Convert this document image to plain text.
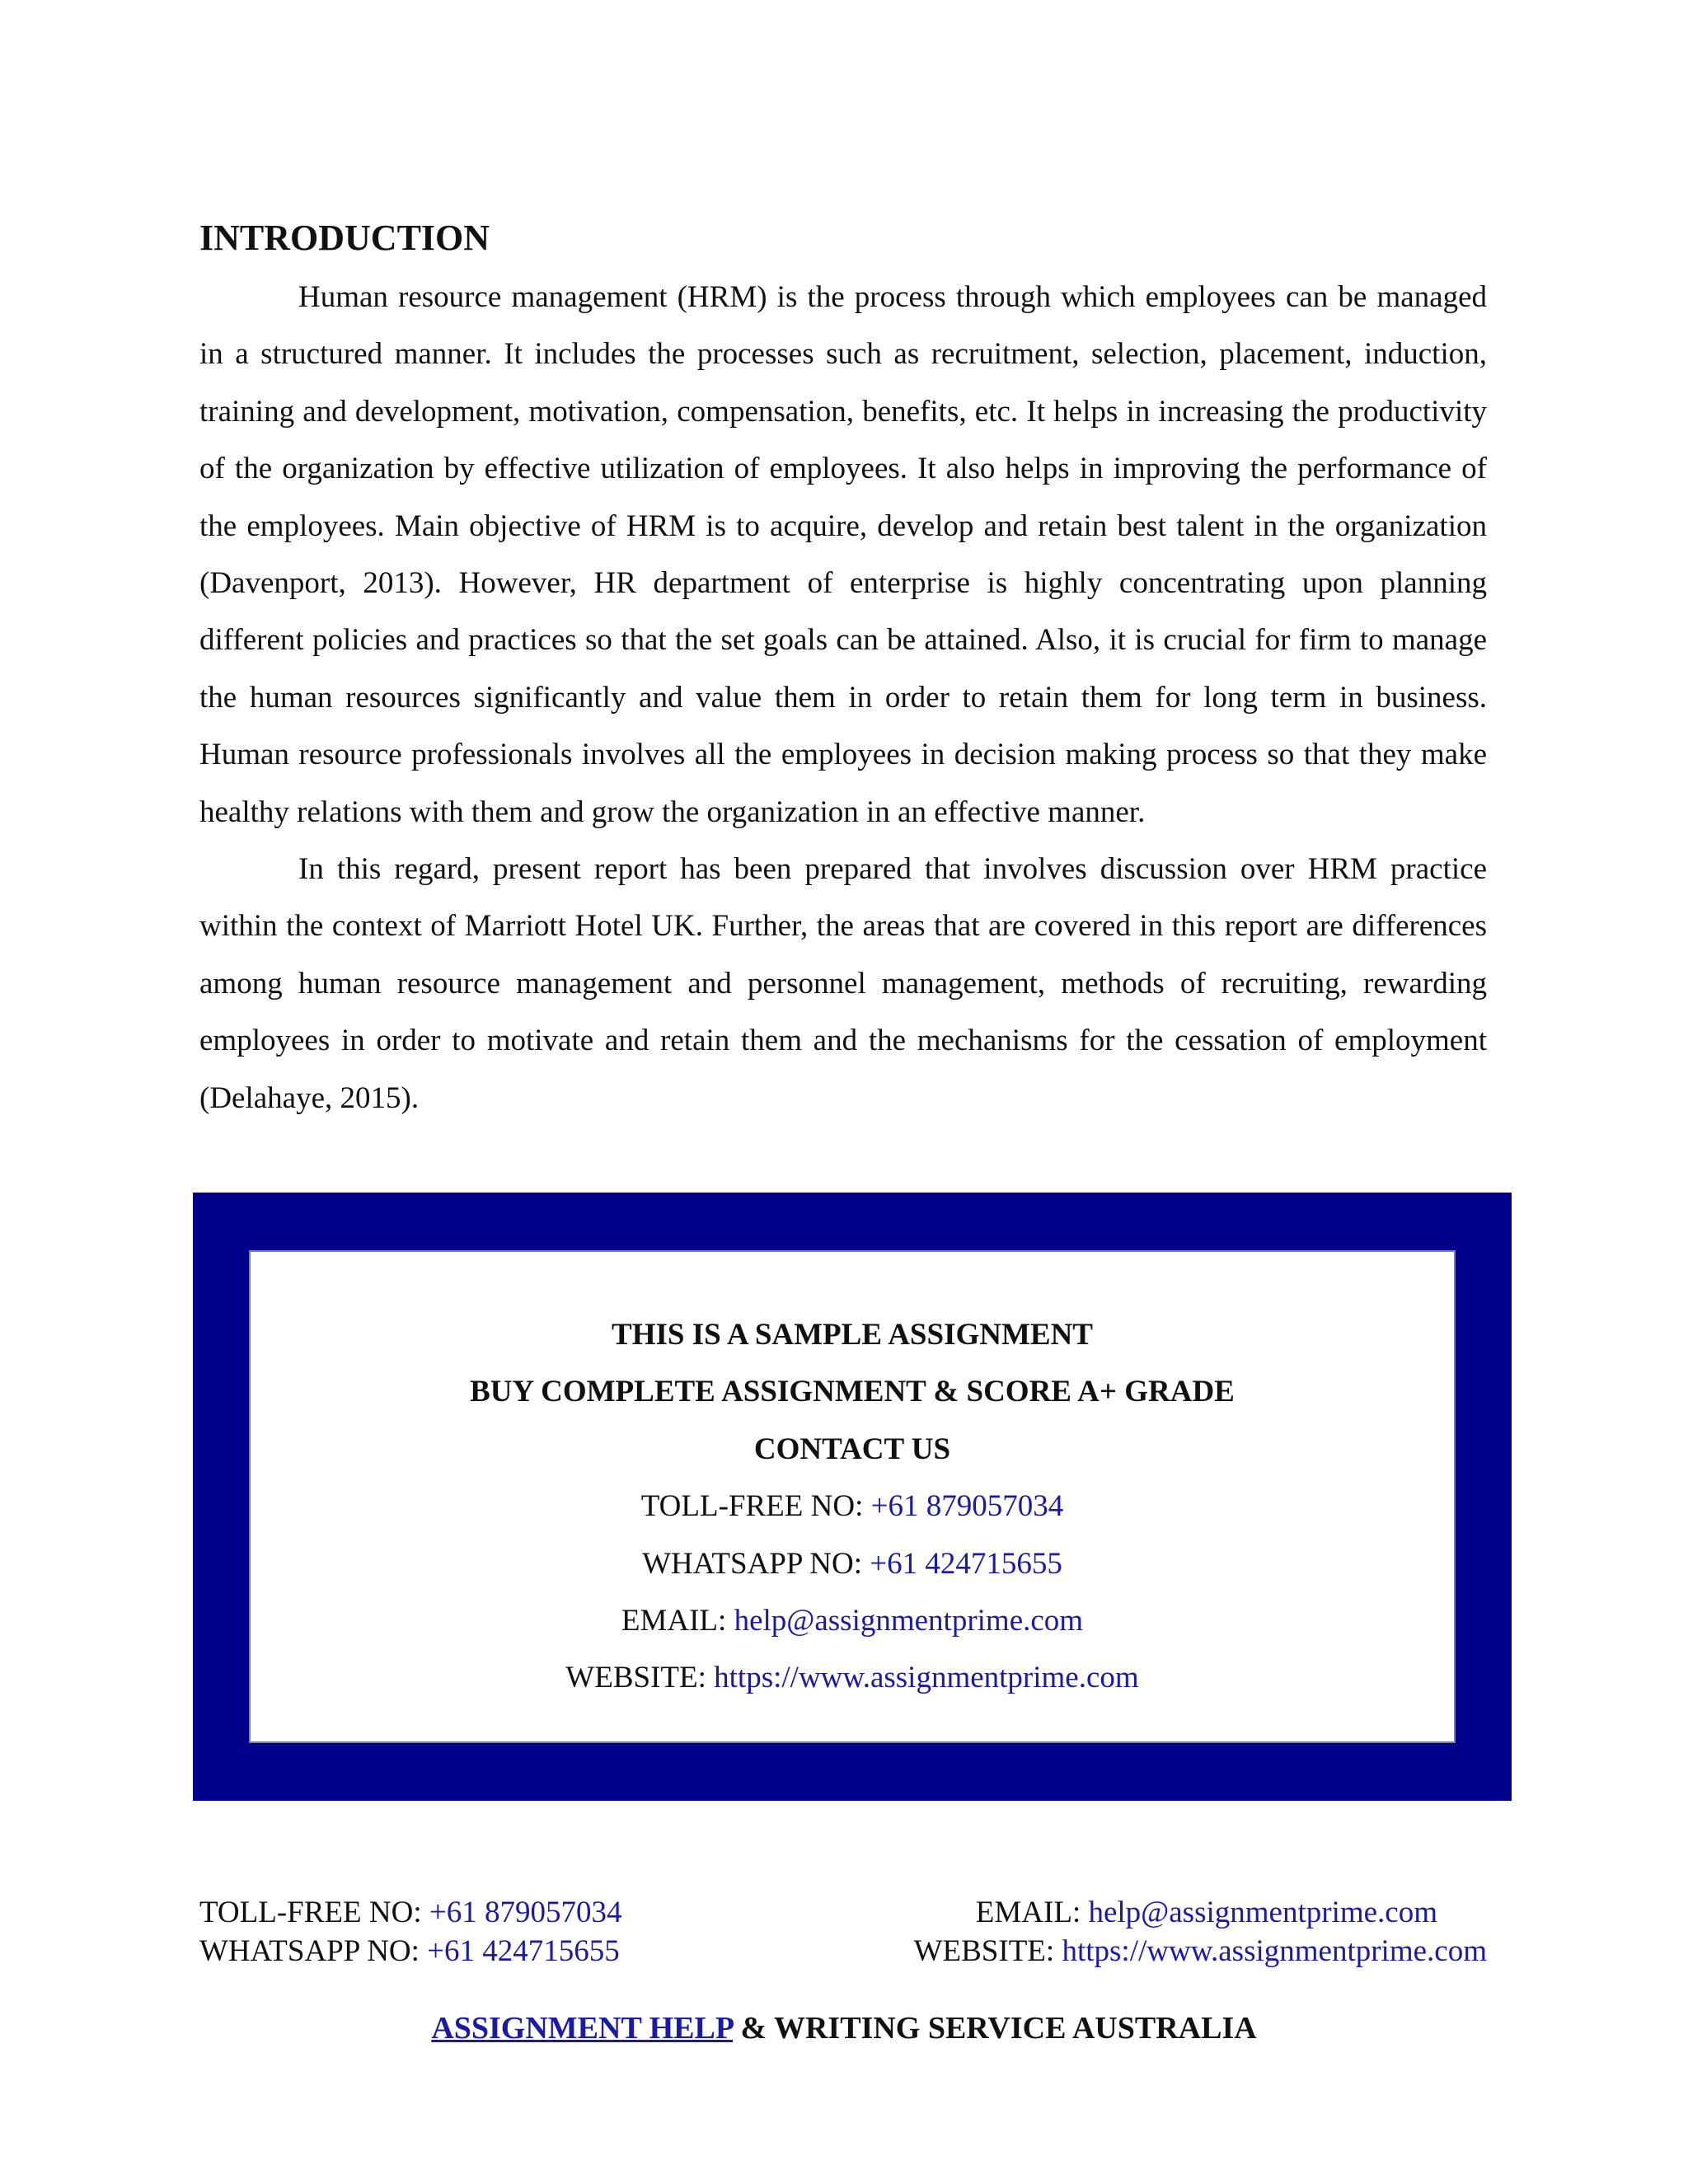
INTRODUCTION

Human resource management (HRM) is the process through which employees can be managed in a structured manner. It includes the processes such as recruitment, selection, placement, induction, training and development, motivation, compensation, benefits, etc. It helps in increasing the productivity of the organization by effective utilization of employees. It also helps in improving the performance of the employees. Main objective of HRM is to acquire, develop and retain best talent in the organization (Davenport, 2013). However, HR department of enterprise is highly concentrating upon planning different policies and practices so that the set goals can be attained. Also, it is crucial for firm to manage the human resources significantly and value them in order to retain them for long term in business. Human resource professionals involves all the employees in decision making process so that they make healthy relations with them and grow the organization in an effective manner.

In this regard, present report has been prepared that involves discussion over HRM practice within the context of Marriott Hotel UK. Further, the areas that are covered in this report are differences among human resource management and personnel management, methods of recruiting, rewarding employees in order to motivate and retain them and the mechanisms for the cessation of employment (Delahaye, 2015).

THIS IS A SAMPLE ASSIGNMENT

BUY COMPLETE ASSIGNMENT & SCORE A+ GRADE

CONTACT US

TOLL-FREE NO: +61 879057034

WHATSAPP NO: +61 424715655

EMAIL: help@assignmentprime.com

WEBSITE: https://www.assignmentprime.com

TOLL-FREE NO: +61 879057034	EMAIL: help@assignmentprime.com
WHATSAPP NO: +61 424715655	WEBSITE: https://www.assignmentprime.com
ASSIGNMENT HELP & WRITING SERVICE AUSTRALIA
